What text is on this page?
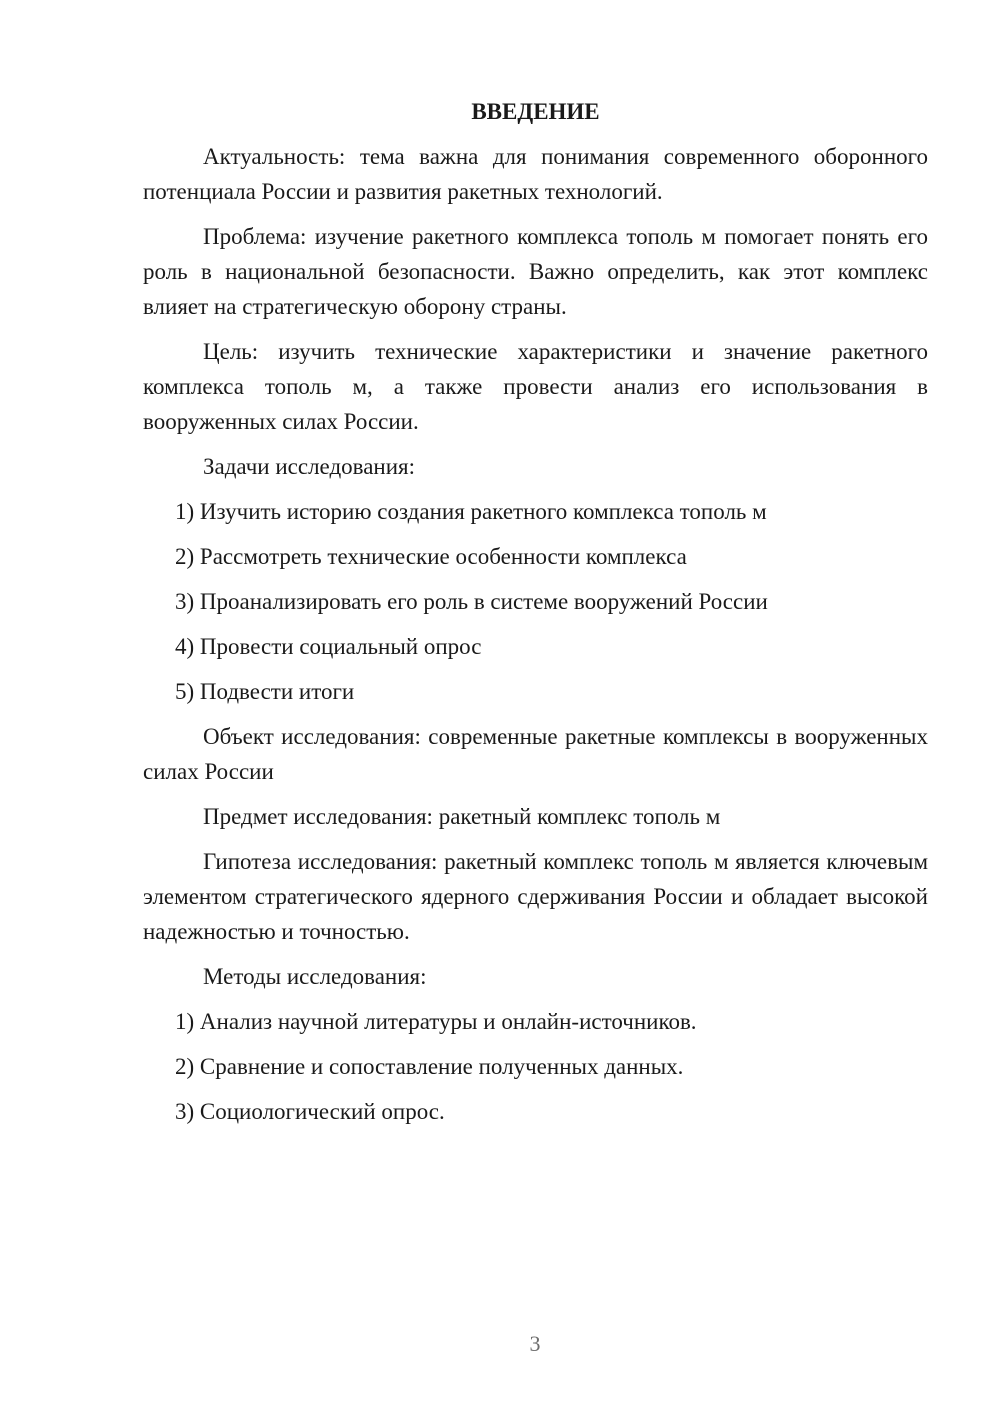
ВВЕДЕНИЕ

Актуальность: тема важна для понимания современного оборонного потенциала России и развития ракетных технологий.

Проблема: изучение ракетного комплекса тополь м помогает понять его роль в национальной безопасности. Важно определить, как этот комплекс влияет на стратегическую оборону страны.

Цель: изучить технические характеристики и значение ракетного комплекса тополь м, а также провести анализ его использования в вооруженных силах России.

Задачи исследования:

1) Изучить историю создания ракетного комплекса тополь м
2) Рассмотреть технические особенности комплекса
3) Проанализировать его роль в системе вооружений России
4) Провести социальный опрос
5) Подвести итоги

Объект исследования: современные ракетные комплексы в вооруженных силах России

Предмет исследования: ракетный комплекс тополь м

Гипотеза исследования: ракетный комплекс тополь м является ключевым элементом стратегического ядерного сдерживания России и обладает высокой надежностью и точностью.

Методы исследования:

1) Анализ научной литературы и онлайн-источников.
2) Сравнение и сопоставление полученных данных.
3) Социологический опрос.
3
